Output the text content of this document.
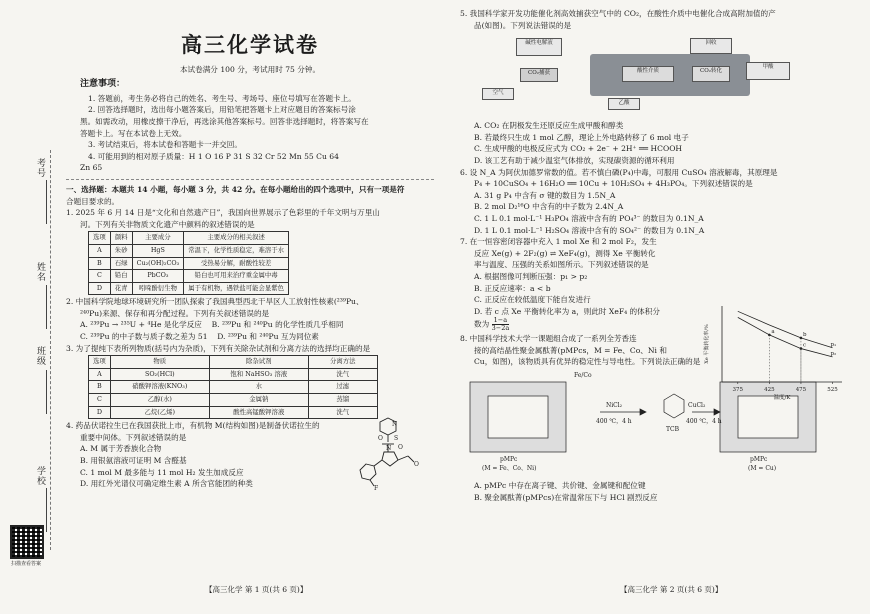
考号
姓名
班级
学校
扫描查看答案
高三化学试卷
本试卷满分 100 分，考试用时 75 分钟。
注意事项：
1. 答题前，考生务必将自己的姓名、考生号、考场号、座位号填写在答题卡上。
2. 回答选择题时，选出每小题答案后，用铅笔把答题卡上对应题目的答案标号涂
黑。如需改动，用橡皮擦干净后，再选涂其他答案标号。回答非选择题时，将答案写在
答题卡上。写在本试卷上无效。
3. 考试结束后，将本试卷和答题卡一并交回。
4. 可能用到的相对原子质量：H 1 O 16 P 31 S 32 Cr 52 Mn 55 Cu 64
Zn 65
一、选择题：本题共 14 小题，每小题 3 分，共 42 分。在每小题给出的四个选项中，只有一项是符
合题目要求的。
1. 2025 年 6 月 14 日是“文化和自然遗产日”，我国向世界展示了色彩里的千年文明与万里山
河。下列有关非物质文化遗产中颜料的叙述错误的是
选项	颜料	主要成分	主要成分的相关叙述
A	朱砂	HgS	常温下，化学性质稳定，难溶于水
B	石绿	Cu₂(OH)₂CO₃	受热易分解，耐酸性较差
C	铅白	PbCO₃	铅白也可用来治疗重金属中毒
D	花青	吲哚酚衍生物	属于有机物，遇铁盐可能会显紫色
2. 中国科学院地球环境研究所一团队探索了我国典型西北干旱区人工放射性核素(²³⁹Pu、
²⁴⁰Pu)来源、保存和再分配过程。下列有关叙述错误的是
A. ²³⁹Pu → ²³⁵U + ⁴He 是化学反应 B. ²³⁹Pu 和 ²⁴⁰Pu 的化学性质几乎相同
C. ²³⁹Pu 的中子数与质子数之差为 51 D. ²³⁹Pu 和 ²⁴⁰Pu 互为同位素
3. 为了提纯下表所列物质(括号内为杂质)，下列有关除杂试剂和分离方法的选择均正确的是
选项	物质	除杂试剂	分离方法
A	SO₂(HCl)	饱和 NaHSO₃ 溶液	洗气
B	硝酸钾溶液(KNO₃)	水	过滤
C	乙醇(水)	金属钠	蒸馏
D	乙烷(乙烯)	酸性高锰酸钾溶液	洗气
4. 药品伏诺拉生已在我国获批上市，有机物 M(结构如图)是制备伏诺拉生的
重要中间体。下列叙述错误的是
A. M 属于芳香族化合物
B. 用银氨溶液可证明 M 含醛基
C. 1 mol M 最多能与 11 mol H₂ 发生加成反应
D. 用红外光谱仪可确定维生素 A 所含官能团的种类
O S
O
N
O
F
N
【高三化学 第 1 页(共 6 页)】
5. 我国科学家开发功能催化剂高效捕获空气中的 CO₂，在酸性介质中电催化合成高附加值的产
品(如图)。下列说法错误的是
碱性电解液
CO₂捕获	酸性介质	CO₂转化
回收
甲酸
空气
乙酸
A. CO₂ 在阴极发生还原反应生成甲酸和醇类
B. 若最终只生成 1 mol 乙醇，理论上外电路转移了 6 mol 电子
C. 生成甲酸的电极反应式为 CO₂ + 2e⁻ + 2H⁺ ══ HCOOH
D. 该工艺有助于减少温室气体排放，实现碳资源的循环利用
6. 设 N_A 为阿伏加德罗常数的值。若不慎白磷(P₄)中毒，可服用 CuSO₄ 溶液解毒，其原理是
P₄ + 10CuSO₄ + 16H₂O ══ 10Cu + 10H₂SO₄ + 4H₃PO₄。下列叙述错误的是
A. 31 g P₄ 中含有 σ 键的数目为 1.5N_A
B. 2 mol D₂¹⁶O 中含有的中子数为 2.4N_A
C. 1 L 0.1 mol·L⁻¹ H₃PO₄ 溶液中含有的 PO₄³⁻ 的数目为 0.1N_A
D. 1 L 0.1 mol·L⁻¹ H₂SO₄ 溶液中含有的 SO₄²⁻ 的数目为 0.1N_A
7. 在一恒容密闭容器中充入 1 mol Xe 和 2 mol F₂，发生
反应 Xe(g) + 2F₂(g) ⇌ XeF₄(g)，测得 Xe 平衡转化
率与温度、压强的关系如图所示。下列叙述错误的是
A. 根据图像可判断压强：p₁ > p₂
B. 正反应速率：a < b
C. 正反应在较低温度下能自发进行
D. 若 c 点 Xe 平衡转化率为 a，则此时 XeF₄ 的体积分
数为 $\frac{1-a}{3-2a}$
8. 中国科学技术大学一课题组合成了一系列全芳香连
接的高结晶性聚金属酞菁(pMPcs，M = Fe、Co、Ni 和
Cu，如图)，该物质具有优异的稳定性与导电性。下列说法正确的是
Fe/Co
NiCl₂
400 ℃，4 h
TCB
CuCl₂
400 ℃，4 h
pMPc
(M = Fe、Co、Ni)
pMPc
(M = Cu)
A. pMPc 中存在离子键、共价键、金属键和配位键
B. 聚金属酞菁(pMPcs)在常温常压下与 HCl 剧烈反应
375	425	475	525
温度/K
Xe 平衡转化率/%	p₁
p₂
a
b
c
【高三化学 第 2 页(共 6 页)】
